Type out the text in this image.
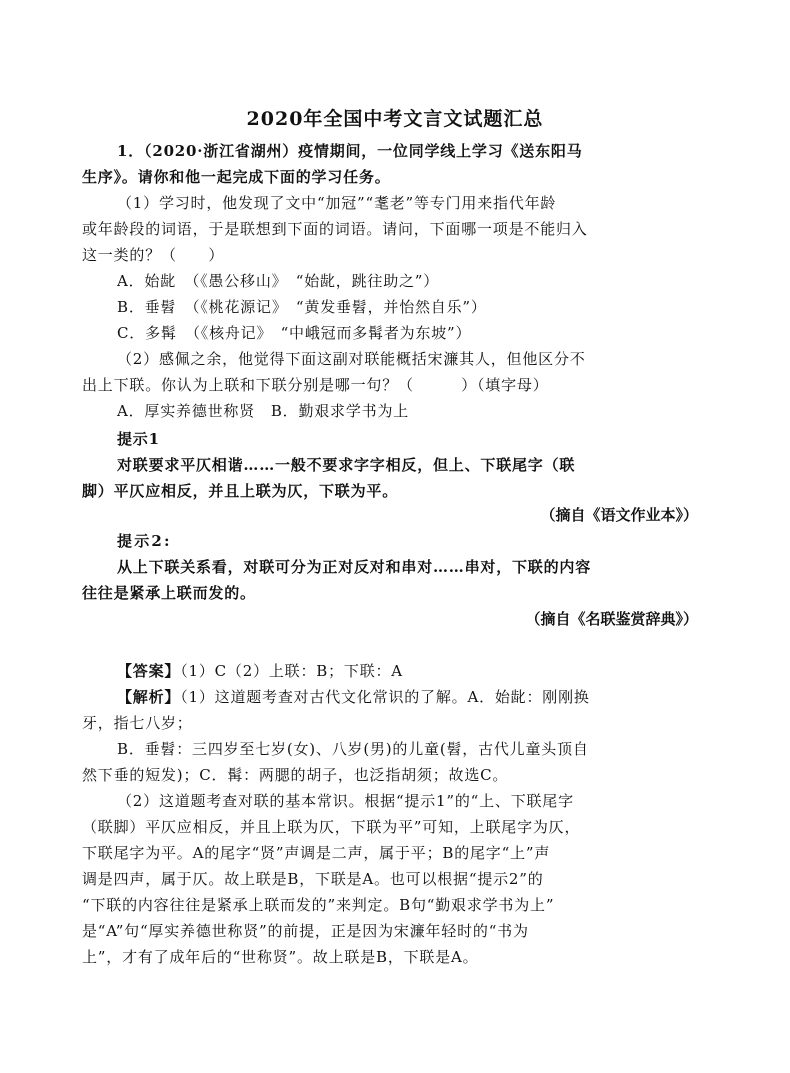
2020年全国中考文言文试题汇总
1．（2020·浙江省湖州）疫情期间，一位同学线上学习《送东阳马
生序》。请你和他一起完成下面的学习任务。
（1）学习时，他发现了文中“加冠”“耄老”等专门用来指代年龄
或年龄段的词语，于是联想到下面的词语。请问，下面哪一项是不能归入
这一类的？（　　）
A．始龀　（《愚公移山》　“始龀，跳往助之”）
B．垂髫　（《桃花源记》　“黄发垂髫，并怡然自乐”）
C．多髯　（《核舟记》　“中峨冠而多髯者为东坡”）
（2）感佩之余，他觉得下面这副对联能概括宋濂其人，但他区分不
出上下联。你认为上联和下联分别是哪一句？（　　　）（填字母）
A．厚实养德世称贤　B．勤艰求学书为上
提示1
对联要求平仄相谐……一般不要求字字相反，但上、下联尾字（联
脚）平仄应相反，并且上联为仄，下联为平。
（摘自《语文作业本》）
提示2:
从上下联关系看，对联可分为正对反对和串对……串对，下联的内容
往往是紧承上联而发的。
（摘自《名联鉴赏辞典》）
【答案】（1）C（2）上联：B；下联：A
【解析】（1）这道题考查对古代文化常识的了解。A．始龀：刚刚换
牙，指七八岁；
B．垂髫：三四岁至七岁(女)、八岁(男)的儿童(髫，古代儿童头顶自
然下垂的短发)；C．髯：两腮的胡子，也泛指胡须；故选C。
（2）这道题考查对联的基本常识。根据“提示1”的“上、下联尾字
（联脚）平仄应相反，并且上联为仄，下联为平”可知，上联尾字为仄，
下联尾字为平。A的尾字“贤”声调是二声，属于平；B的尾字“上”声
调是四声，属于仄。故上联是B，下联是A。也可以根据“提示2”的
“下联的内容往往是紧承上联而发的”来判定。B句“勤艰求学书为上”
是“A”句“厚实养德世称贤”的前提，正是因为宋濂年轻时的“书为
上”，才有了成年后的“世称贤”。故上联是B，下联是A。
